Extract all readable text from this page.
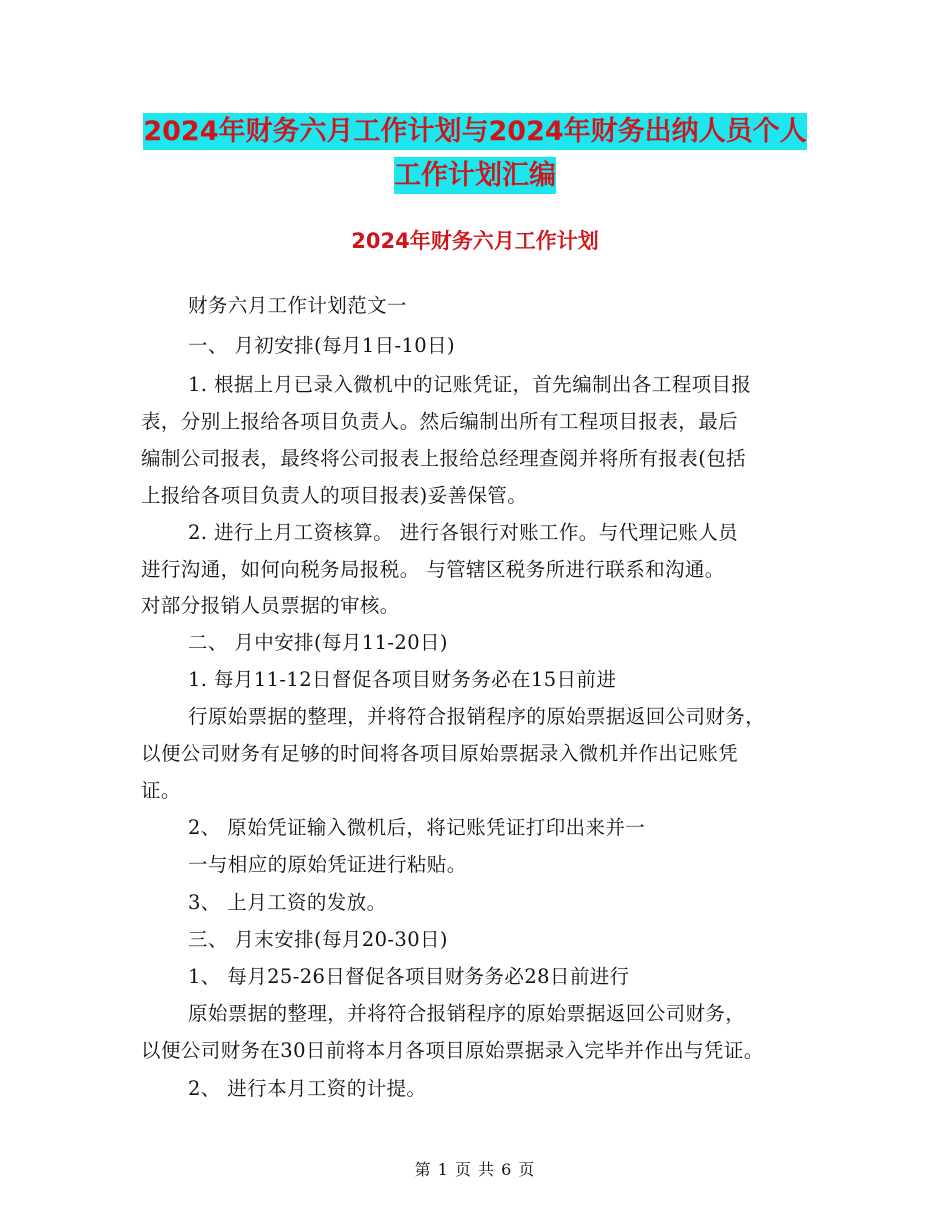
2024年财务六月工作计划与2024年财务出纳人员个人
工作计划汇编
2024年财务六月工作计划
财务六月工作计划范文一
一、 月初安排(每月1日-10日)
1. 根据上月已录入微机中的记账凭证，首先编制出各工程项目报
表，分别上报给各项目负责人。然后编制出所有工程项目报表，最后
编制公司报表，最终将公司报表上报给总经理查阅并将所有报表(包括
上报给各项目负责人的项目报表)妥善保管。
2. 进行上月工资核算。 进行各银行对账工作。与代理记账人员
进行沟通，如何向税务局报税。 与管辖区税务所进行联系和沟通。
对部分报销人员票据的审核。
二、 月中安排(每月11-20日)
1. 每月11-12日督促各项目财务务必在15日前进
行原始票据的整理，并将符合报销程序的原始票据返回公司财务，
以便公司财务有足够的时间将各项目原始票据录入微机并作出记账凭
证。
2、 原始凭证输入微机后，将记账凭证打印出来并一
一与相应的原始凭证进行粘贴。
3、 上月工资的发放。
三、 月末安排(每月20-30日)
1、 每月25-26日督促各项目财务务必28日前进行
原始票据的整理，并将符合报销程序的原始票据返回公司财务，
以便公司财务在30日前将本月各项目原始票据录入完毕并作出与凭证。
2、 进行本月工资的计提。
第 1 页 共 6 页
